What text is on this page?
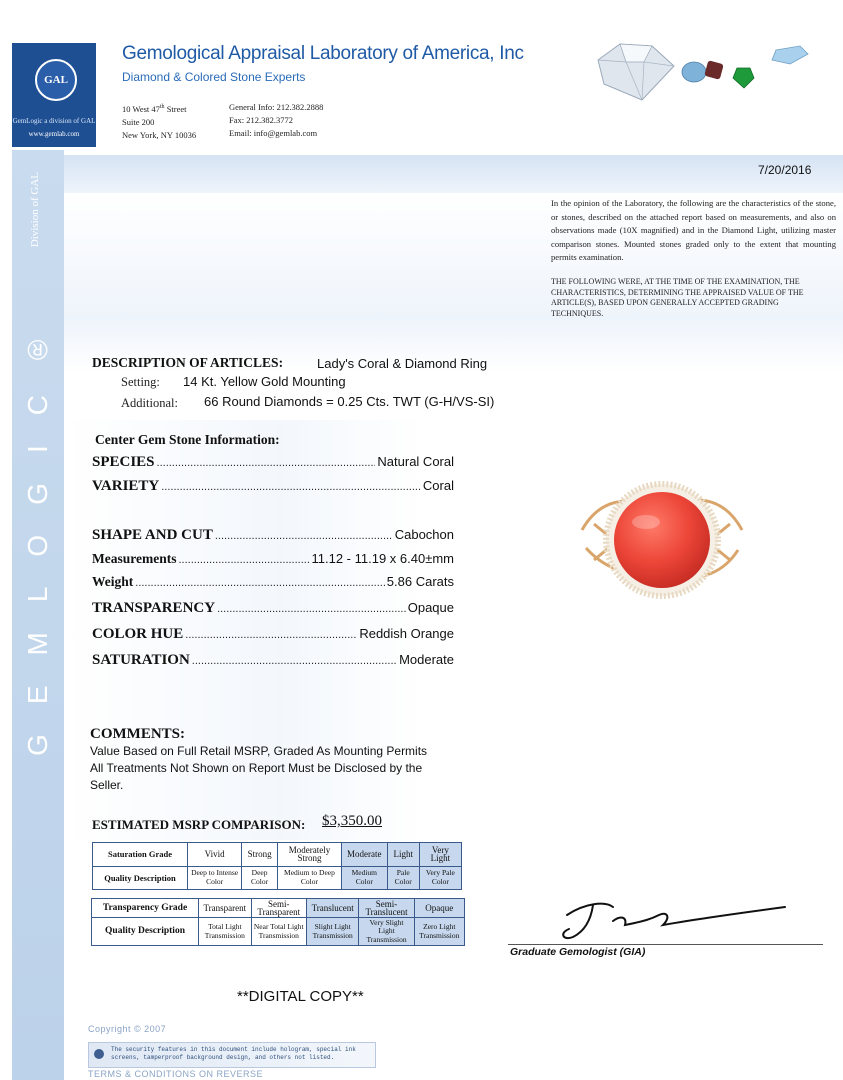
GEMLOGIC®
Division of GAL
GAL
GemLogic a division of GAL
www.gemlab.com
Gemological Appraisal Laboratory of America, Inc
Diamond & Colored Stone Experts
10 West 47th Street
Suite 200
New York, NY 10036
General Info: 212.382.2888
Fax: 212.382.3772
Email: info@gemlab.com
7/20/2016
In the opinion of the Laboratory, the following are the characteristics of the stone, or stones, described on the attached report based on measurements, and also on observations made (10X magnified) and in the Diamond Light, utilizing master comparison stones. Mounted stones graded only to the extent that mounting permits examination.
THE FOLLOWING WERE, AT THE TIME OF THE EXAMINATION, THE CHARACTERISTICS, DETERMINING THE APPRAISED VALUE OF THE ARTICLE(S), BASED UPON GENERALLY ACCEPTED GRADING TECHNIQUES.
DESCRIPTION OF ARTICLES:	Lady's Coral & Diamond Ring
Setting: 14 Kt. Yellow Gold Mounting
Additional: 66 Round Diamonds = 0.25 Cts. TWT (G-H/VS-SI)
Center Gem Stone Information:
SPECIES .....	Natural Coral
VARIETY .....	Coral
SHAPE AND CUT .....	Cabochon
Measurements .....	11.12 - 11.19 x 6.40±mm
Weight .....	5.86 Carats
TRANSPARENCY .....	Opaque
COLOR HUE .....	Reddish Orange
SATURATION .....	Moderate
COMMENTS:
Value Based on Full Retail MSRP, Graded As Mounting Permits
All Treatments Not Shown on Report Must be Disclosed by the
Seller.
ESTIMATED MSRP COMPARISON: $3,350.00
Saturation Grade	Vivid	Strong	Moderately Strong	Moderate	Light	Very Light
Quality Description	Deep to Intense Color	Deep Color	Medium to Deep Color	Medium Color	Pale Color	Very Pale Color
Transparency Grade	Transparent	Semi-Transparent	Translucent	Semi-Translucent	Opaque
Quality Description	Total Light Transmission	Near Total Light Transmission	Slight Light Transmission	Very Slight Light Transmission	Zero Light Transmission
Graduate Gemologist (GIA)
**DIGITAL COPY**
Copyright © 2007
The security features in this document include hologram, special ink screens, tamperproof background design, and others not listed.
TERMS & CONDITIONS ON REVERSE
